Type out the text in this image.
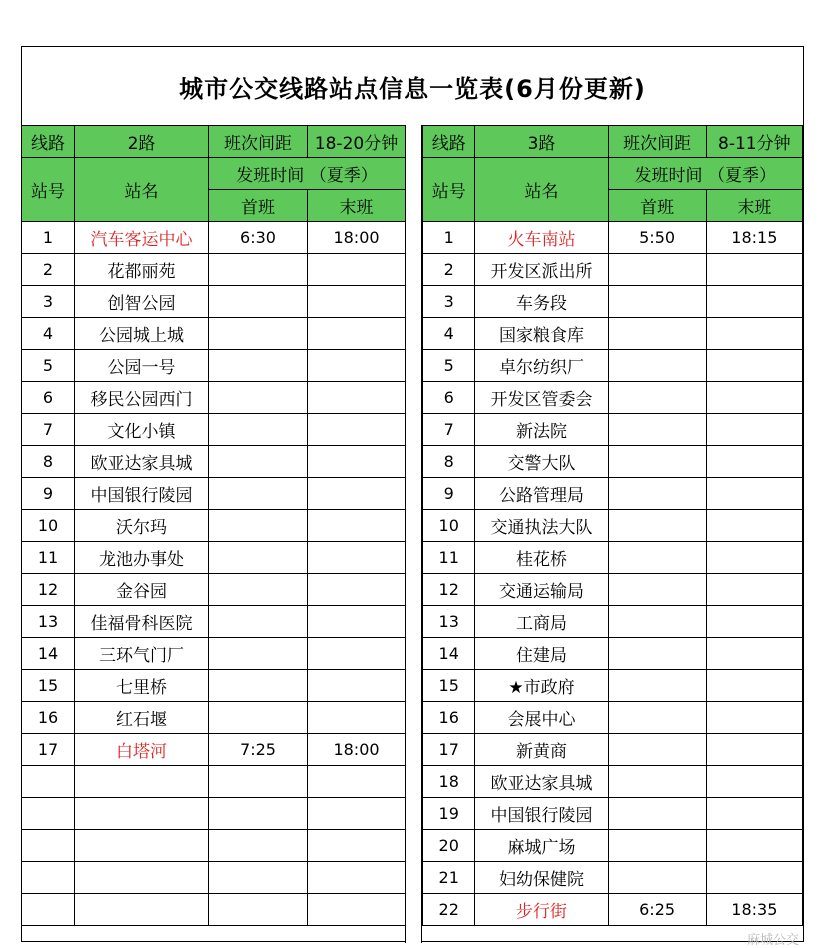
城市公交线路站点信息一览表(6月份更新)
线路	2路	班次间距	18-20分钟
站号	站名	发班时间 （夏季）	
		首班	末班
1	汽车客运中心	6:30	18:00
2	花都丽苑		
3	创智公园		
4	公园城上城		
5	公园一号		
6	移民公园西门		
7	文化小镇		
8	欧亚达家具城		
9	中国银行陵园		
10	沃尔玛		
11	龙池办事处		
12	金谷园		
13	佳福骨科医院		
14	三环气门厂		
15	七里桥		
16	红石堰		
17	白塔河	7:25	18:00

线路	3路	班次间距	8-11分钟
站号	站名	发班时间 （夏季）	
		首班	末班
1	火车南站	5:50	18:15
2	开发区派出所		
3	车务段		
4	国家粮食库		
5	卓尔纺织厂		
6	开发区管委会		
7	新法院		
8	交警大队		
9	公路管理局		
10	交通执法大队		
11	桂花桥		
12	交通运输局		
13	工商局		
14	住建局		
15	★市政府		
16	会展中心		
17	新黄商		
18	欧亚达家具城		
19	中国银行陵园		
20	麻城广场		
21	妇幼保健院		
22	步行街	6:25	18:35
麻城公交
